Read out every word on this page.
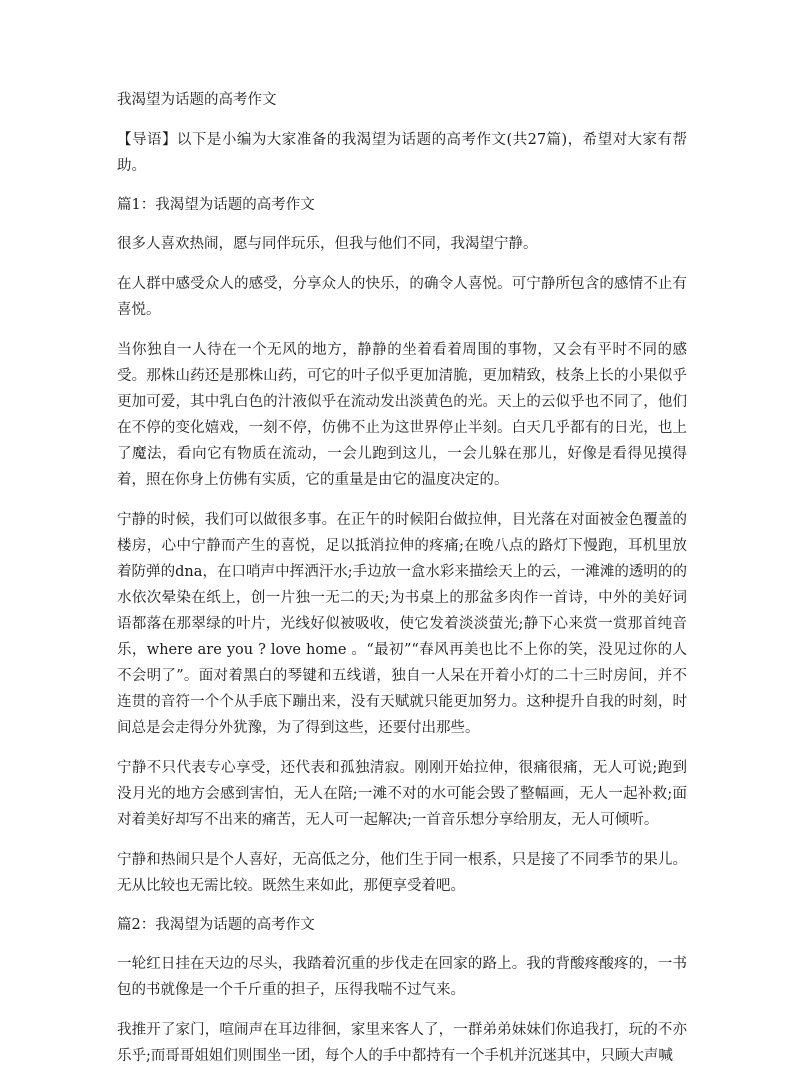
我渴望为话题的高考作文

【导语】以下是小编为大家准备的我渴望为话题的高考作文(共27篇)，希望对大家有帮助。

篇1：我渴望为话题的高考作文

很多人喜欢热闹，愿与同伴玩乐，但我与他们不同，我渴望宁静。

在人群中感受众人的感受，分享众人的快乐，的确令人喜悦。可宁静所包含的感情不止有喜悦。

当你独自一人待在一个无风的地方，静静的坐着看着周围的事物，又会有平时不同的感受。那株山药还是那株山药，可它的叶子似乎更加清脆，更加精致，枝条上长的小果似乎更加可爱，其中乳白色的汁液似乎在流动发出淡黄色的光。天上的云似乎也不同了，他们在不停的变化嬉戏，一刻不停，仿佛不止为这世界停止半刻。白天几乎都有的日光，也上了魔法，看向它有物质在流动，一会儿跑到这儿，一会儿躲在那儿，好像是看得见摸得着，照在你身上仿佛有实质，它的重量是由它的温度决定的。

宁静的时候，我们可以做很多事。在正午的时候阳台做拉伸，目光落在对面被金色覆盖的楼房，心中宁静而产生的喜悦，足以抵消拉伸的疼痛;在晚八点的路灯下慢跑，耳机里放着防弹的dna，在口哨声中挥洒汗水;手边放一盒水彩来描绘天上的云，一滩滩的透明的的水依次晕染在纸上，创一片独一无二的天;为书桌上的那盆多肉作一首诗，中外的美好词语都落在那翠绿的叶片，光线好似被吸收，使它发着淡淡萤光;静下心来赏一赏那首纯音乐，where are you ? love home 。“最初”“春风再美也比不上你的笑，没见过你的人不会明了”。面对着黑白的琴键和五线谱，独自一人呆在开着小灯的二十三时房间，并不连贯的音符一个个从手底下蹦出来，没有天赋就只能更加努力。这种提升自我的时刻，时间总是会走得分外犹豫，为了得到这些，还要付出那些。

宁静不只代表专心享受，还代表和孤独清寂。刚刚开始拉伸，很痛很痛，无人可说;跑到没月光的地方会感到害怕，无人在陪;一滩不对的水可能会毁了整幅画，无人一起补救;面对着美好却写不出来的痛苦，无人可一起解决;一首音乐想分享给朋友，无人可倾听。

宁静和热闹只是个人喜好，无高低之分，他们生于同一根系，只是接了不同季节的果儿。无从比较也无需比较。既然生来如此，那便享受着吧。

篇2：我渴望为话题的高考作文

一轮红日挂在天边的尽头，我踏着沉重的步伐走在回家的路上。我的背酸疼酸疼的，一书包的书就像是一个千斤重的担子，压得我喘不过气来。

我推开了家门，喧闹声在耳边徘徊，家里来客人了，一群弟弟妹妹们你追我打，玩的不亦乐乎;而哥哥姐姐们则围坐一团，每个人的手中都持有一个手机并沉迷其中，只顾大声喊
